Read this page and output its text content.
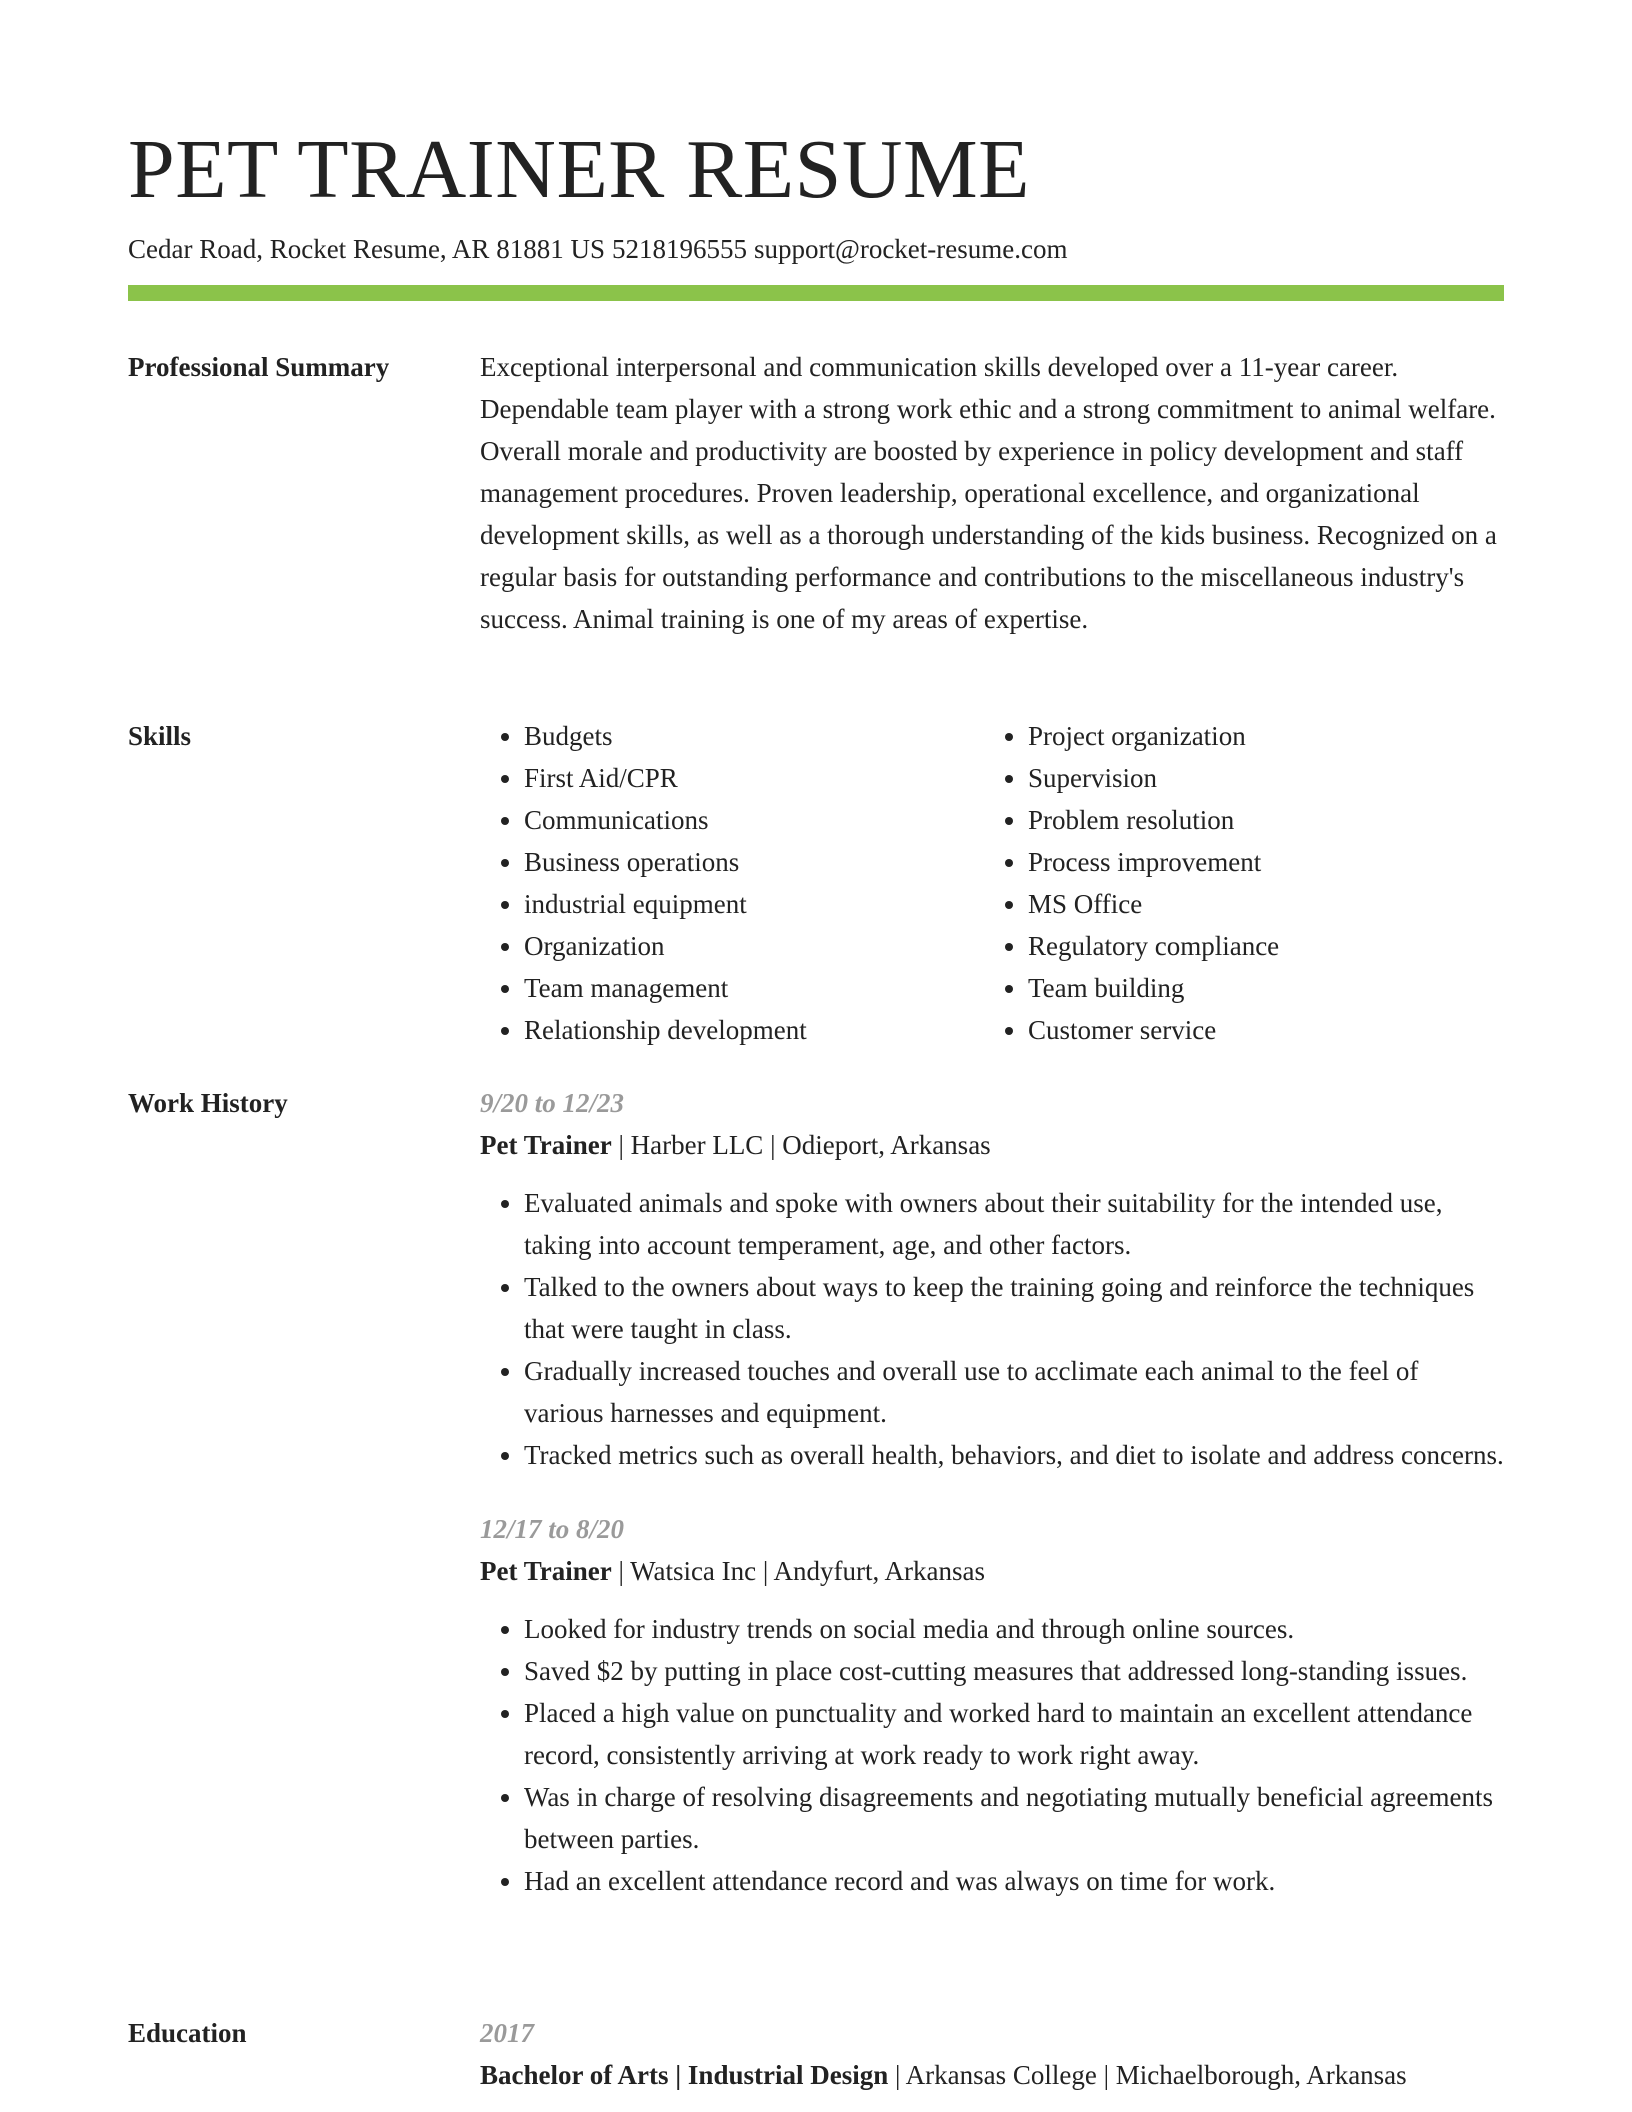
PET TRAINER RESUME
Cedar Road, Rocket Resume, AR 81881 US 5218196555 support@rocket-resume.com
Professional Summary	Exceptional interpersonal and communication skills developed over a 11-year career. Dependable team player with a strong work ethic and a strong commitment to animal welfare. Overall morale and productivity are boosted by experience in policy development and staff management procedures. Proven leadership, operational excellence, and organizational development skills, as well as a thorough understanding of the kids business. Recognized on a regular basis for outstanding performance and contributions to the miscellaneous industry's success. Animal training is one of my areas of expertise.

Skills
•	Budgets
• First Aid/CPR
• Communications
• Business operations
• industrial equipment
• Organization
• Team management
• Relationship development
• Project organization
• Supervision
• Problem resolution
• Process improvement
• MS Office
• Regulatory compliance
• Team building
• Customer service
Work History	9/20 to 12/23
Pet Trainer | Harber LLC | Odieport, Arkansas
• Evaluated animals and spoke with owners about their suitability for the intended use, taking into account temperament, age, and other factors.
• Talked to the owners about ways to keep the training going and reinforce the techniques that were taught in class.
• Gradually increased touches and overall use to acclimate each animal to the feel of various harnesses and equipment.
• Tracked metrics such as overall health, behaviors, and diet to isolate and address concerns.
12/17 to 8/20
Pet Trainer | Watsica Inc | Andyfurt, Arkansas
• Looked for industry trends on social media and through online sources.
• Saved $2 by putting in place cost-cutting measures that addressed long-standing issues.
• Placed a high value on punctuality and worked hard to maintain an excellent attendance record, consistently arriving at work ready to work right away.
• Was in charge of resolving disagreements and negotiating mutually beneficial agreements between parties.
• Had an excellent attendance record and was always on time for work.
Education	2017
Bachelor of Arts | Industrial Design | Arkansas College | Michaelborough, Arkansas
